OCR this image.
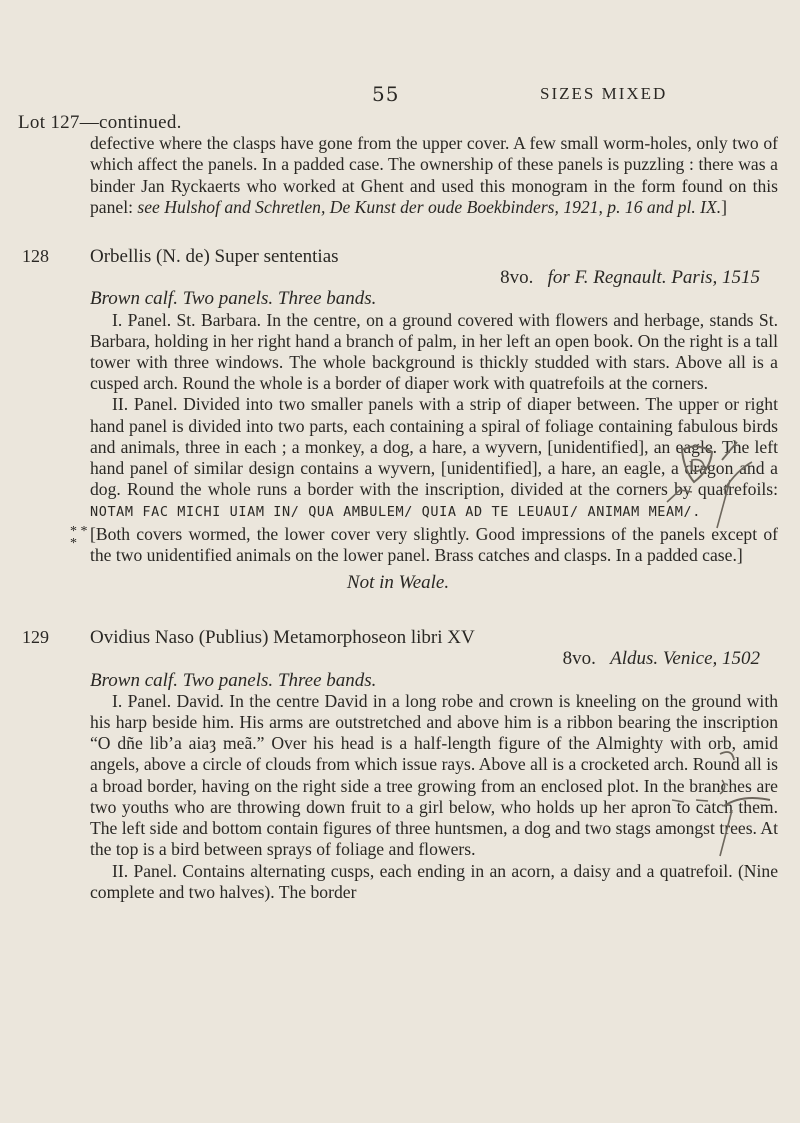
55	SIZES MIXED
Lot 127—continued.
defective where the clasps have gone from the upper cover. A few small worm-holes, only two of which affect the panels. In a padded case. The ownership of these panels is puzzling : there was a binder Jan Ryckaerts who worked at Ghent and used this monogram in the form found on this panel: see Hulshof and Schretlen, De Kunst der oude Boekbinders, 1921, p. 16 and pl. IX.]
128 Orbellis (N. de) Super sententias
8vo. for F. Regnault. Paris, 1515
Brown calf. Two panels. Three bands.
I. Panel. St. Barbara. In the centre, on a ground covered with flowers and herbage, stands St. Barbara, holding in her right hand a branch of palm, in her left an open book. On the right is a tall tower with three windows. The whole background is thickly studded with stars. Above all is a cusped arch. Round the whole is a border of diaper work with quatrefoils at the corners.
II. Panel. Divided into two smaller panels with a strip of diaper between. The upper or right hand panel is divided into two parts, each containing a spiral of foliage containing fabulous birds and animals, three in each ; a monkey, a dog, a hare, a wyvern, [unidentified], an eagle. The left hand panel of similar design contains a wyvern, [unidentified], a hare, an eagle, a dragon and a dog. Round the whole runs a border with the inscription, divided at the corners by quatrefoils: NOTAM FAC MICHI UIAM IN/ QUA AMBULEM/ QUIA AD TE LEUAUI/ ANIMAM MEAM/.
* *
* [Both covers wormed, the lower cover very slightly. Good impressions of the panels except of the two unidentified animals on the lower panel. Brass catches and clasps. In a padded case.]
Not in Weale.
129 Ovidius Naso (Publius) Metamorphoseon libri XV
8vo. Aldus. Venice, 1502
Brown calf. Two panels. Three bands.
I. Panel. David. In the centre David in a long robe and crown is kneeling on the ground with his harp beside him. His arms are outstretched and above him is a ribbon bearing the inscription “O dñe lib’a aiaȝ meã.” Over his head is a half-length figure of the Almighty with orb, amid angels, above a circle of clouds from which issue rays. Above all is a crocketed arch. Round all is a broad border, having on the right side a tree growing from an enclosed plot. In the branches are two youths who are throwing down fruit to a girl below, who holds up her apron to catch them. The left side and bottom contain figures of three huntsmen, a dog and two stags amongst trees. At the top is a bird between sprays of foliage and flowers.
II. Panel. Contains alternating cusps, each ending in an acorn, a daisy and a quatrefoil. (Nine complete and two halves). The border
